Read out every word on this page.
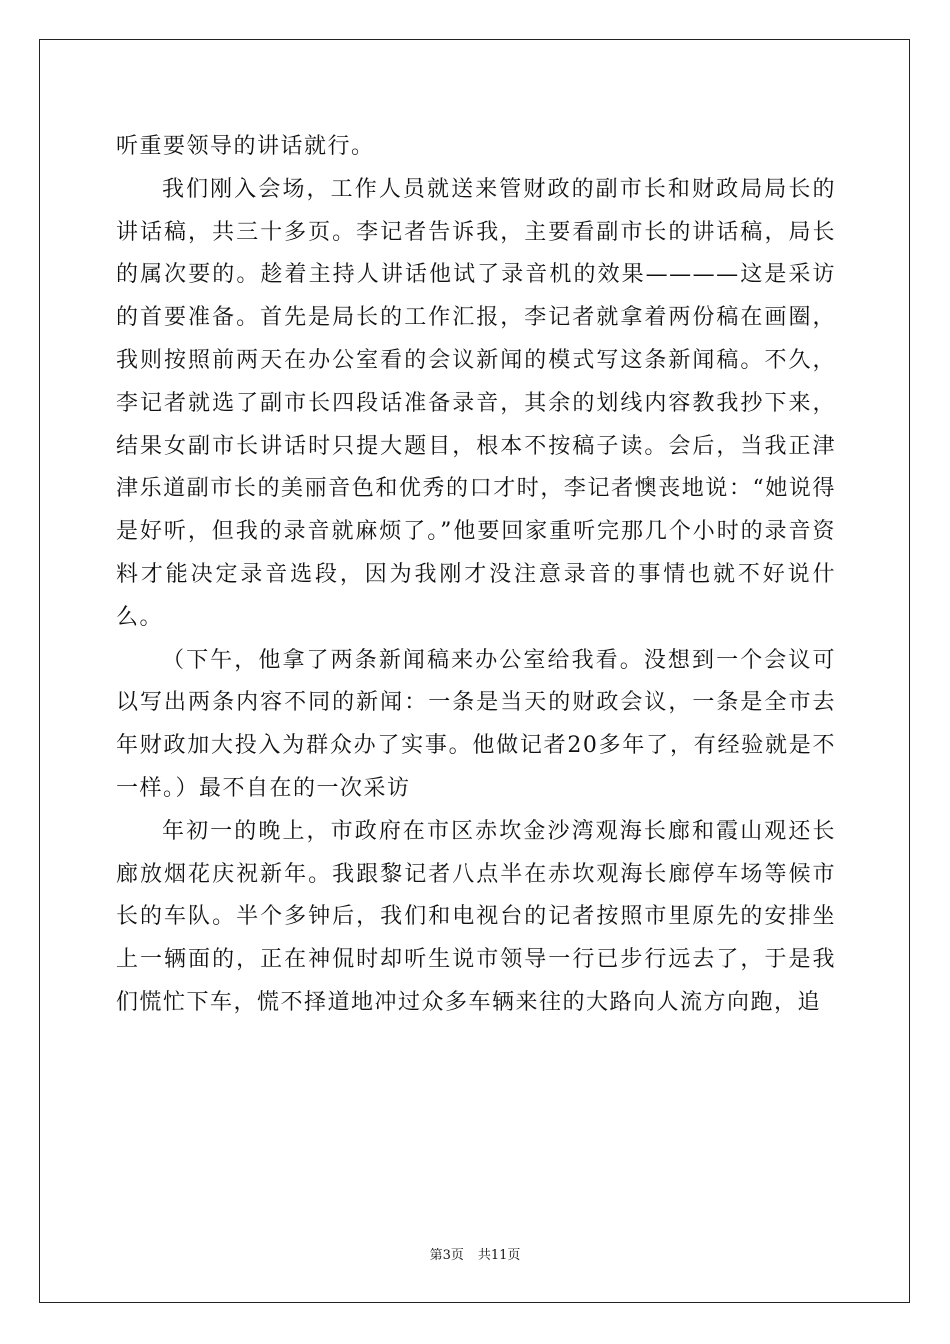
听重要领导的讲话就行。

我们刚入会场，工作人员就送来管财政的副市长和财政局局长的讲话稿，共三十多页。李记者告诉我，主要看副市长的讲话稿，局长的属次要的。趁着主持人讲话他试了录音机的效果————这是采访的首要准备。首先是局长的工作汇报，李记者就拿着两份稿在画圈，我则按照前两天在办公室看的会议新闻的模式写这条新闻稿。不久，李记者就选了副市长四段话准备录音，其余的划线内容教我抄下来，结果女副市长讲话时只提大题目，根本不按稿子读。会后，当我正津津乐道副市长的美丽音色和优秀的口才时，李记者懊丧地说：“她说得是好听，但我的录音就麻烦了。”他要回家重听完那几个小时的录音资料才能决定录音选段，因为我刚才没注意录音的事情也就不好说什么。

（下午，他拿了两条新闻稿来办公室给我看。没想到一个会议可以写出两条内容不同的新闻：一条是当天的财政会议，一条是全市去年财政加大投入为群众办了实事。他做记者20多年了，有经验就是不一样。）最不自在的一次采访

年初一的晚上，市政府在市区赤坎金沙湾观海长廊和霞山观还长廊放烟花庆祝新年。我跟黎记者八点半在赤坎观海长廊停车场等候市长的车队。半个多钟后，我们和电视台的记者按照市里原先的安排坐上一辆面的，正在神侃时却听生说市领导一行已步行远去了，于是我们慌忙下车，慌不择道地冲过众多车辆来往的大路向人流方向跑，追

第3页 共11页
